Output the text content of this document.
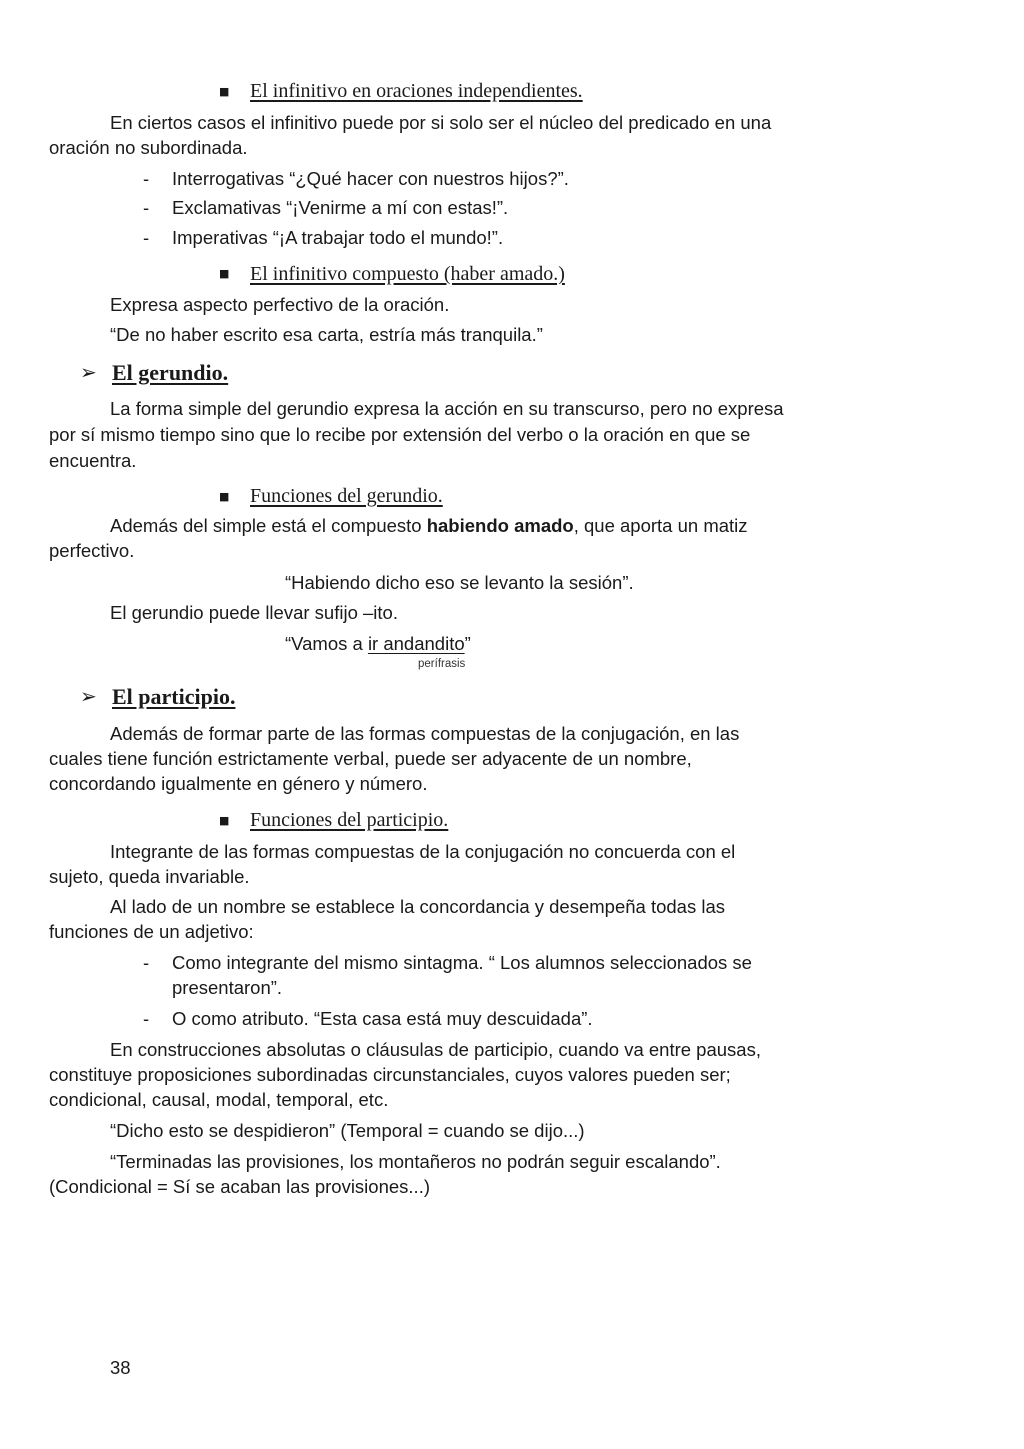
■ El infinitivo en oraciones independientes.

En ciertos casos el infinitivo puede por si solo ser el núcleo del predicado en una

oración no subordinada.

- Interrogativas “¿Qué hacer con nuestros hijos?”.

- Exclamativas “¡Venirme a mí con estas!”.

- Imperativas “¡A trabajar todo el mundo!”.

■ El infinitivo compuesto (haber amado.)

Expresa aspecto perfectivo de la oración.

“De no haber escrito esa carta, estría más tranquila.”

➢ El gerundio.

La forma simple del gerundio expresa la acción en su transcurso, pero no expresa

por sí mismo tiempo sino que lo recibe por extensión del verbo o la oración en que se

encuentra.

■ Funciones del gerundio.

Además del simple está el compuesto habiendo amado, que aporta un matiz

perfectivo.

“Habiendo dicho eso se levanto la sesión”.

El gerundio puede llevar sufijo –ito.

“Vamos a ir andandito”

perífrasis
➢ El participio.

Además de formar parte de las formas compuestas de la conjugación, en las

cuales tiene función estrictamente verbal, puede ser adyacente de un nombre,

concordando igualmente en género y número.

■ Funciones del participio.

Integrante de las formas compuestas de la conjugación no concuerda con el

sujeto, queda invariable.

Al lado de un nombre se establece la concordancia y desempeña todas las

funciones de un adjetivo:

- Como integrante del mismo sintagma. “ Los alumnos seleccionados se

presentaron”.

- O como atributo. “Esta casa está muy descuidada”.

En construcciones absolutas o cláusulas de participio, cuando va entre pausas,

constituye proposiciones subordinadas circunstanciales, cuyos valores pueden ser;

condicional, causal, modal, temporal, etc.

“Dicho esto se despidieron” (Temporal = cuando se dijo...)

“Terminadas las provisiones, los montañeros no podrán seguir escalando”.

(Condicional = Sí se acaban las provisiones...)

38
